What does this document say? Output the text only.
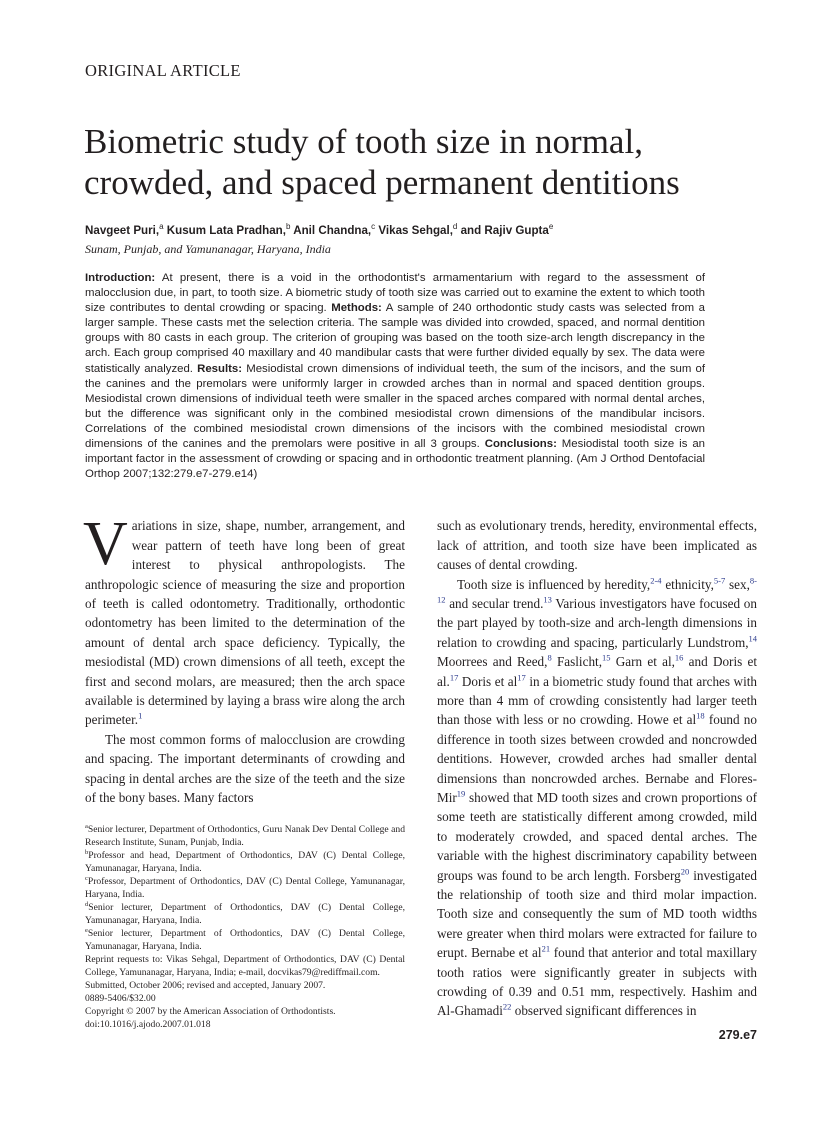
ORIGINAL ARTICLE
Biometric study of tooth size in normal, crowded, and spaced permanent dentitions
Navgeet Puri,$^a$ Kusum Lata Pradhan,$^b$ Anil Chandna,$^c$ Vikas Sehgal,$^d$ and Rajiv Gupta$^e$
Sunam, Punjab, and Yamunanagar, Haryana, India
Introduction: At present, there is a void in the orthodontist's armamentarium with regard to the assessment of malocclusion due, in part, to tooth size. A biometric study of tooth size was carried out to examine the extent to which tooth size contributes to dental crowding or spacing. Methods: A sample of 240 orthodontic study casts was selected from a larger sample. These casts met the selection criteria. The sample was divided into crowded, spaced, and normal dentition groups with 80 casts in each group. The criterion of grouping was based on the tooth size-arch length discrepancy in the arch. Each group comprised 40 maxillary and 40 mandibular casts that were further divided equally by sex. The data were statistically analyzed. Results: Mesiodistal crown dimensions of individual teeth, the sum of the incisors, and the sum of the canines and the premolars were uniformly larger in crowded arches than in normal and spaced dentition groups. Mesiodistal crown dimensions of individual teeth were smaller in the spaced arches compared with normal dental arches, but the difference was significant only in the combined mesiodistal crown dimensions of the mandibular incisors. Correlations of the combined mesiodistal crown dimensions of the incisors with the combined mesiodistal crown dimensions of the canines and the premolars were positive in all 3 groups. Conclusions: Mesiodistal tooth size is an important factor in the assessment of crowding or spacing and in orthodontic treatment planning. (Am J Orthod Dentofacial Orthop 2007;132:279.e7-279.e14)

Variations in size, shape, number, arrangement, and wear pattern of teeth have long been of great interest to physical anthropologists. The anthropologic science of measuring the size and proportion of teeth is called odontometry. Traditionally, orthodontic odontometry has been limited to the determination of the amount of dental arch space deficiency. Typically, the mesiodistal (MD) crown dimensions of all teeth, except the first and second molars, are measured; then the arch space available is determined by laying a brass wire along the arch perimeter.$^1$

The most common forms of malocclusion are crowding and spacing. The important determinants of crowding and spacing in dental arches are the size of the teeth and the size of the bony bases. Many factors

$^a$Senior lecturer, Department of Orthodontics, Guru Nanak Dev Dental College and Research Institute, Sunam, Punjab, India.

$^b$Professor and head, Department of Orthodontics, DAV (C) Dental College, Yamunanagar, Haryana, India.

$^c$Professor, Department of Orthodontics, DAV (C) Dental College, Yamunanagar, Haryana, India.

$^d$Senior lecturer, Department of Orthodontics, DAV (C) Dental College, Yamunanagar, Haryana, India.

$^e$Senior lecturer, Department of Orthodontics, DAV (C) Dental College, Yamunanagar, Haryana, India.

Reprint requests to: Vikas Sehgal, Department of Orthodontics, DAV (C) Dental College, Yamunanagar, Haryana, India; e-mail, docvikas79@rediffmail.com.

Submitted, October 2006; revised and accepted, January 2007.

0889-5406/$32.00

Copyright © 2007 by the American Association of Orthodontists.

doi:10.1016/j.ajodo.2007.01.018

such as evolutionary trends, heredity, environmental effects, lack of attrition, and tooth size have been implicated as causes of dental crowding.

Tooth size is influenced by heredity,$^{2-4}$ ethnicity,$^{5-7}$ sex,$^{8-12}$ and secular trend.$^{13}$ Various investigators have focused on the part played by tooth-size and arch-length dimensions in relation to crowding and spacing, particularly Lundstrom,$^{14}$ Moorrees and Reed,$^8$ Faslicht,$^{15}$ Garn et al,$^{16}$ and Doris et al.$^{17}$ Doris et $al^{17}$ in a biometric study found that arches with more than 4 mm of crowding consistently had larger teeth than those with less or no crowding. Howe et $al^{18}$ found no difference in tooth sizes between crowded and noncrowded dentitions. However, crowded arches had smaller dental dimensions than noncrowded arches. Bernabe and Flores-Mir$^{19}$ showed that MD tooth sizes and crown proportions of some teeth are statistically different among crowded, mild to moderately crowded, and spaced dental arches. The variable with the highest discriminatory capability between groups was found to be arch length. Forsberg$^{20}$ investigated the relationship of tooth size and third molar impaction. Tooth size and consequently the sum of MD tooth widths were greater when third molars were extracted for failure to erupt. Bernabe et $al^{21}$ found that anterior and total maxillary tooth ratios were significantly greater in subjects with crowding of 0.39 and 0.51 mm, respectively. Hashim and Al-Ghamadi$^{22}$ observed significant differences in

279.e7
